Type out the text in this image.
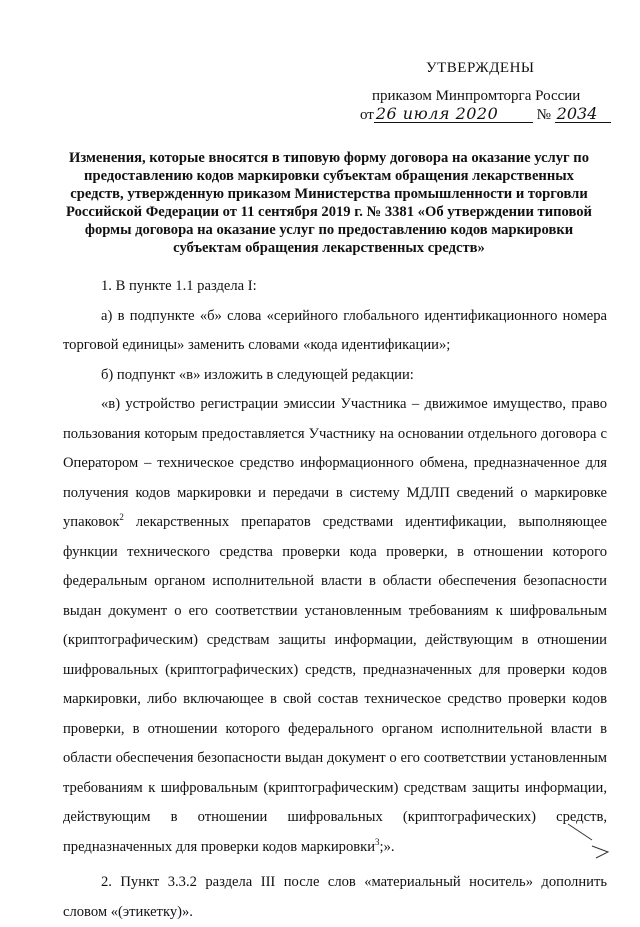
УТВЕРЖДЕНЫ
приказом Минпромторга России
от 26 июля 2020	№ 2034
Изменения, которые вносятся в типовую форму договора на оказание услуг по предоставлению кодов маркировки субъектам обращения лекарственных средств, утвержденную приказом Министерства промышленности и торговли Российской Федерации от 11 сентября 2019 г. № 3381 «Об утверждении типовой формы договора на оказание услуг по предоставлению кодов маркировки субъектам обращения лекарственных средств»

1. В пункте 1.1 раздела I:

а) в подпункте «б» слова «серийного глобального идентификационного номера торговой единицы» заменить словами «кода идентификации»;

б) подпункт «в» изложить в следующей редакции:

«в) устройство регистрации эмиссии Участника – движимое имущество, право пользования которым предоставляется Участнику на основании отдельного договора с Оператором – техническое средство информационного обмена, предназначенное для получения кодов маркировки и передачи в систему МДЛП сведений о маркировке упаковок$^2$ лекарственных препаратов средствами идентификации, выполняющее функции технического средства проверки кода проверки, в отношении которого федеральным органом исполнительной власти в области обеспечения безопасности выдан документ о его соответствии установленным требованиям к шифровальным (криптографическим) средствам защиты информации, действующим в отношении шифровальных (криптографических) средств, предназначенных для проверки кодов маркировки, либо включающее в свой состав техническое средство проверки кодов проверки, в отношении которого федерального органом исполнительной власти в области обеспечения безопасности выдан документ о его соответствии установленным требованиям к шифровальным (криптографическим) средствам защиты информации, действующим в отношении шифровальных (криптографических) средств, предназначенных для проверки кодов маркировки$^3$;».

2. Пункт 3.3.2 раздела III после слов «материальный носитель» дополнить словом «(этикетку)».
